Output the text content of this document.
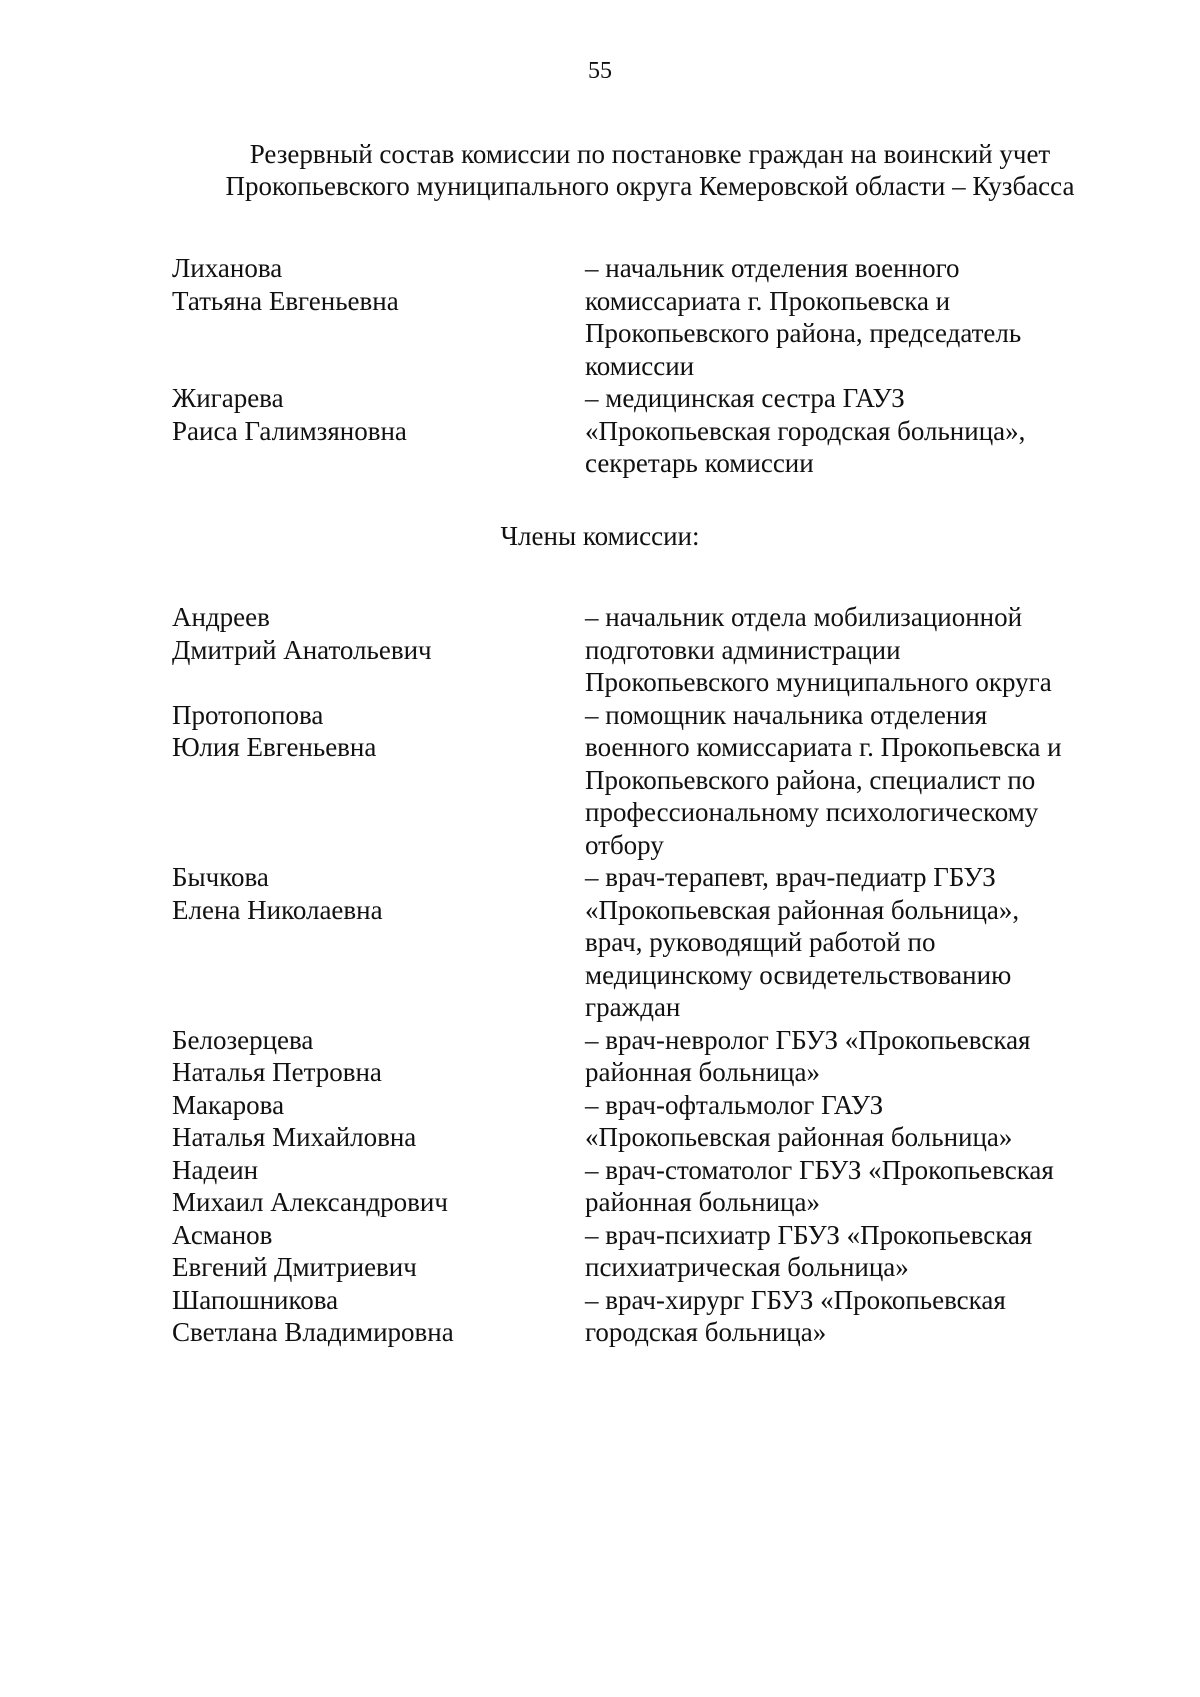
55
Резервный состав комиссии по постановке граждан на воинский учет
Прокопьевского муниципального округа Кемеровской области – Кузбасса
Лиханова
Татьяна Евгеньевна
– начальник отделения военного
комиссариата г. Прокопьевска и
Прокопьевского района, председатель
комиссии
Жигарева
Раиса Галимзяновна
– медицинская сестра ГАУЗ
«Прокопьевская городская больница»,
секретарь комиссии
Члены комиссии:
Андреев
Дмитрий Анатольевич
– начальник отдела мобилизационной
подготовки администрации
Прокопьевского муниципального округа
Протопопова
Юлия Евгеньевна
– помощник начальника отделения
военного комиссариата г. Прокопьевска и
Прокопьевского района, специалист по
профессиональному психологическому
отбору
Бычкова
Елена Николаевна
– врач-терапевт, врач-педиатр ГБУЗ
«Прокопьевская районная больница»,
врач, руководящий работой по
медицинскому освидетельствованию
граждан
Белозерцева
Наталья Петровна
– врач-невролог ГБУЗ «Прокопьевская
районная больница»
Макарова
Наталья Михайловна
– врач-офтальмолог ГАУЗ
«Прокопьевская районная больница»
Надеин
Михаил Александрович
– врач-стоматолог ГБУЗ «Прокопьевская
районная больница»
Асманов
Евгений Дмитриевич
– врач-психиатр ГБУЗ «Прокопьевская
психиатрическая больница»
Шапошникова
Светлана Владимировна
– врач-хирург ГБУЗ «Прокопьевская
городская больница»
